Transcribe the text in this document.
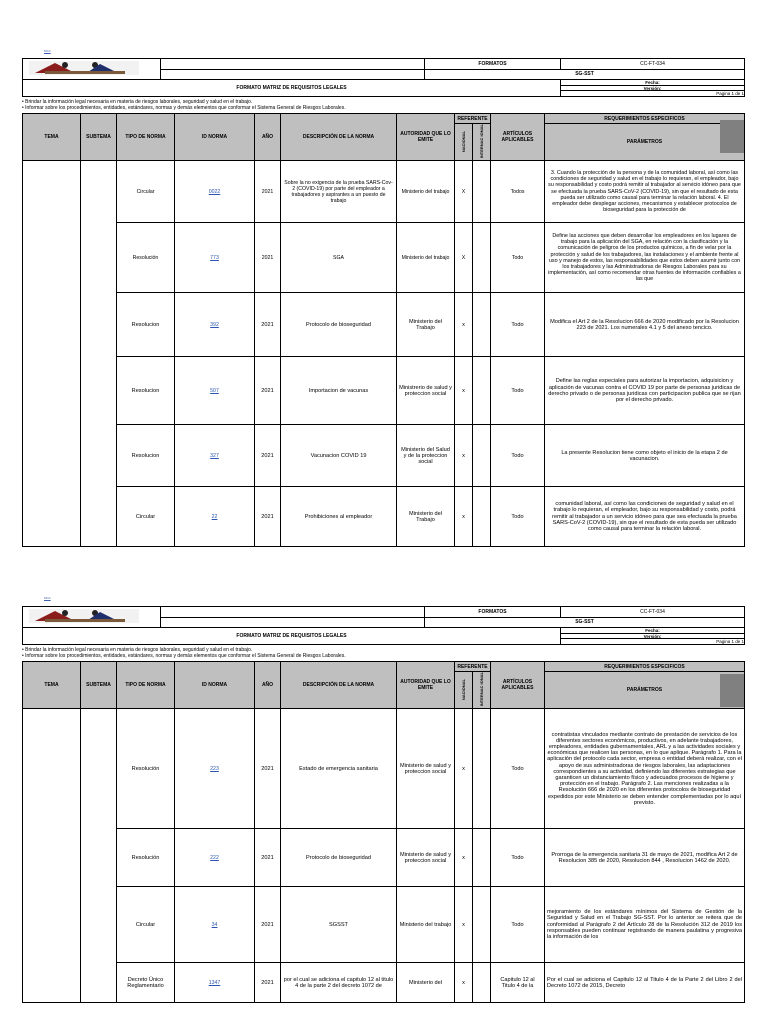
MCA
		FORMATOS	CC-FT-034
		SG-SST	
FORMATO MATRIZ DE REQUISITOS LEGALES			Fecha:
Versión:
Pagina 1 de 1
• Brindar la información legal necesaria en materia de riesgos laborales, seguridad y salud en el trabajo.
• Informar sobre los procedimientos, entidades, estándares, normas y demás elementos que conformar el Sistema General de Riesgos Laborales.
TEMA	SUBTEMA	TIPO DE NORMA	ID NORMA	AÑO	DESCRIPCIÓN DE LA NORMA	AUTORIDAD QUE LO EMITE	REFERENTE		ARTÍCULOS APLICABLES	REQUERIMIENTOS ESPECIFICOS
							NACIONAL	INTERNAC IONAL		PARÁMETROS

		Circular	0022	2021	Sobre la no exigencia de la prueba SARS-Cov-2 (COVID-19) por parte del empleador a trabajadores y aspirantes a un puesto de trabajo	Ministerio del trabajo	X		Todos	3. Cuando la protección de la persona y de la comunidad laboral, así como las condiciones de seguridad y salud en el trabajo lo requieran, el empleador, bajo su responsabilidad y costo podrá remitir al trabajador al servicio idóneo para que se efectuada la prueba SARS-CoV-2 (COVID-19), sin que el resultado de esta pueda ser utilizado como causal para terminar la relación laboral. 4. El empleador debe desplegar acciones, mecanismos y establecer protocolos de bioseguridad para la protección de

		Resolución	773	2021	SGA	Ministerio del trabajo	X		Todo	Define las acciones que deben desarrollar los empleadores en los lugares de trabajo para la aplicación del SGA, en relación con la clasificación y la comunicación de peligros de los productos químicos, a fin de velar por la protección y salud de los trabajadores, las instalaciones y el ambiente frente al uso y manejo de estos, las responsabilidades que estos deben asumir junto con los trabajadores y las Administradoras de Riesgos Laborales para su implementación, así como recomendar otras fuentes de información confiables a las que

		Resolucion	392	2021	Protocolo de bioseguridad	Ministerio del Trabajo	x		Todo	Modifica el Art 2 de la Resolucion 666 de 2020 modificado por la Resolucion 223 de 2021. Los numerales 4.1 y 5 del anexo tencico.

		Resolucion	507	2021	Importacion de vacunas	Ministrerio de salud y proteccion social	x		Todo	Define las reglas especiales para autorizar la importacion, adquisicion y aplicación de vacunas contra el COVID 19 por parte de personas juridicas de derecho privado o de personas juridicas con participacion publica que se rijan por el derecho privado.

		Resolucion	327	2021	Vacunacion COVID 19	Ministerio del Salud y de la proteccion social	x		Todo	La presente Resolucion tiene como objeto el inicio de la etapa 2 de vacunacion.

		Circular	22	2021	Prohibiciones al empleador	Ministerio del Trabajo	x		Todo	comunidad laboral, así como las condiciones de seguridad y salud en el trabajo lo requieran, el empleador, bajo su responsabilidad y costo, podrá remitir al trabajador a un servicio idóneo para que sea efectuada la prueba SARS-CoV-2 (COVID-19), sin que el resultado de esta pueda ser utilizado como causal para terminar la relación laboral.
MCA
		FORMATOS	CC-FT-034
		SG-SST	
FORMATO MATRIZ DE REQUISITOS LEGALES			Fecha:
Versión:
Pagina 1 de 1
• Brindar la información legal necesaria en materia de riesgos laborales, seguridad y salud en el trabajo.
• Informar sobre los procedimientos, entidades, estándares, normas y demás elementos que conformar el Sistema General de Riesgos Laborales.
TEMA	SUBTEMA	TIPO DE NORMA	ID NORMA	AÑO	DESCRIPCIÓN DE LA NORMA	AUTORIDAD QUE LO EMITE	REFERENTE		ARTÍCULOS APLICABLES	REQUERIMIENTOS ESPECIFICOS
							NACIONAL	INTERNAC IONAL		PARÁMETROS

		Resolución	223	2021	Estado de emergencia sanitaria	Ministerio de salud y proteccion social	x		Todo	contratistas vinculados mediante contrato de prestación de servicios de los diferentes sectores económicos, productivos, en adelante trabajadores, empleadores, entidades gubernamentales, ARL y a las actividades sociales y económicas que realicen las personas, en lo que aplique. Parágrafo 1. Para la aplicación del protocolo cada sector, empresa o entidad deberá realizar, con el apoyo de sus administradoras de riesgos laborales, las adaptaciones correspondientes a su actividad, definiendo las diferentes estrategias que garanticen un distanciamiento físico y adecuados procesos de higiene y protección en el trabajo. Parágrafo 2. Las menciones realizadas a la Resolución 666 de 2020 en los diferentes protocolos de bioseguridad expedidos por este Ministerio se deben entender complementadas por lo aquí previsto.

		Resolución	222	2021	Protocolo de bioseguridad	Ministerio de salud y proteccion social	x		Todo	Prorroga de la emergencia sanitaria 31 de mayo de 2021, modifica Art 2 de Resolucion 385 de 2020, Resolucion 844 , Resolucion 1462 de 2020.

		Circular	34	2021	SGSST	Ministerio del trabajo	x		Todo	mejoramiento de los estándares mínimos del Sistema de Gestión de la Seguridad y Salud en el Trabajo SG-SST. Por lo anterior se reitera que de conformidad al Parágrafo 2 del Artículo 28 de la Resolución 312 de 2019 los responsables pueden continuar registrando de manera paulatina y progresiva la información de los

		Decreto Único Reglamentario	1347	2021	por el cual se adiciona el capitulo 12 al titulo 4 de la parte 2 del decreto 1072 de	Ministerio del	x		Capitulo 12 al Titulo 4 de la	Por el cual se adiciona el Capitulo 12 al Titulo 4 de la Parte 2 del Libro 2 del Decreto 1072 de 2015, Decreto
